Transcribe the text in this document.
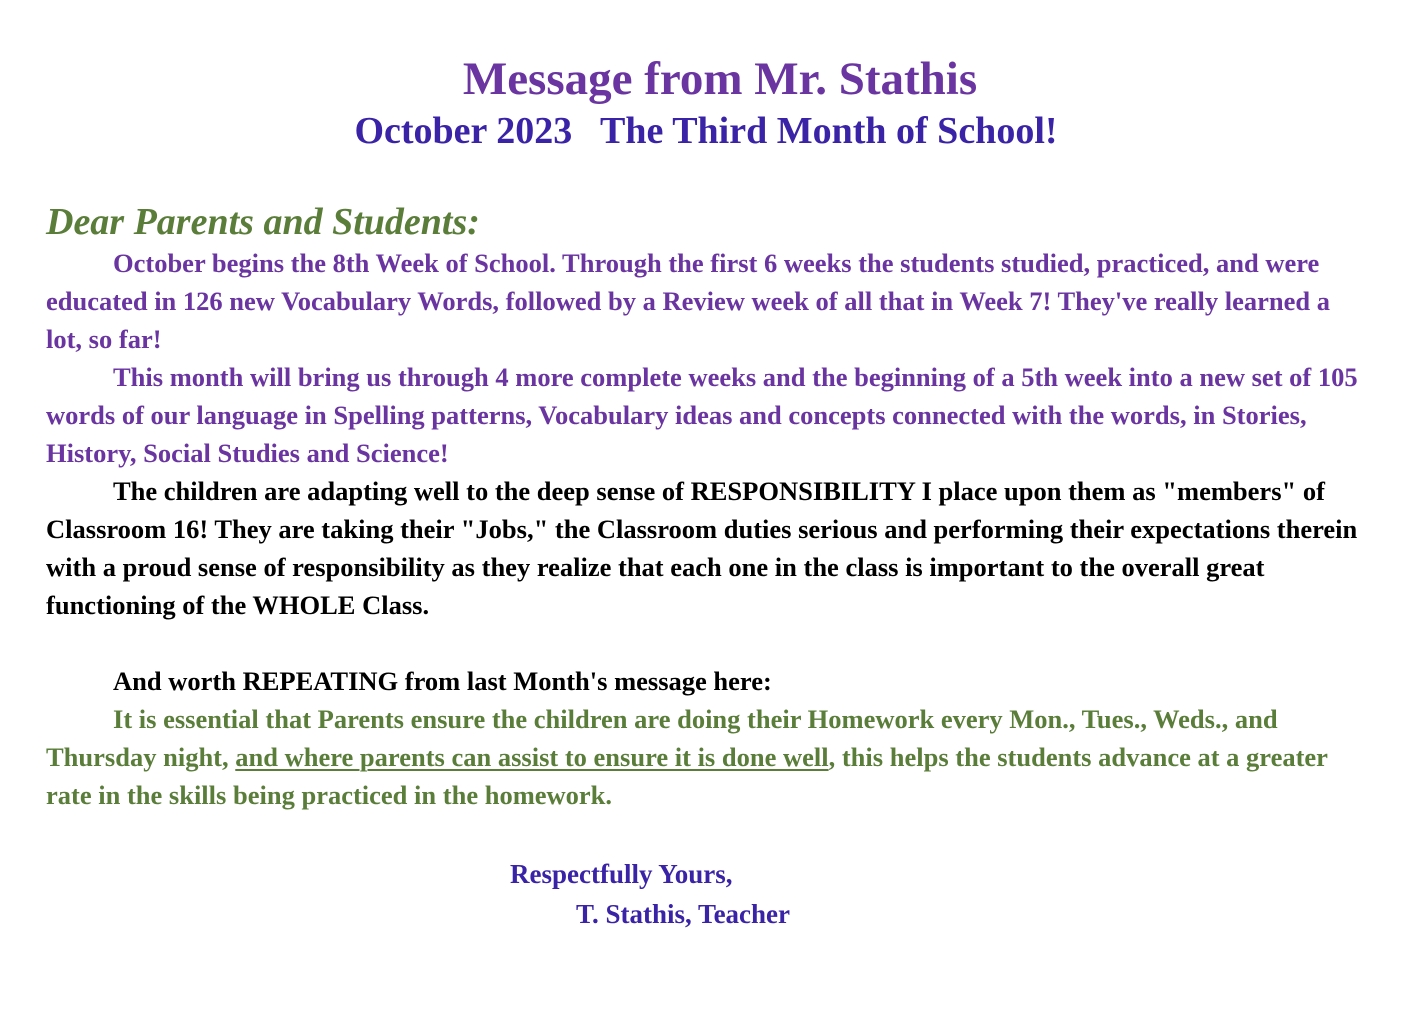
Message from Mr. Stathis
October 2023   The Third Month of School!
Dear Parents and Students:

October begins the 8th Week of School. Through the first 6 weeks the students studied, practiced, and were educated in 126 new Vocabulary Words, followed by a Review week of all that in Week 7! They've really learned a lot, so far!

This month will bring us through 4 more complete weeks and the beginning of a 5th week into a new set of 105 words of our language in Spelling patterns, Vocabulary ideas and concepts connected with the words, in Stories, History, Social Studies and Science!

The children are adapting well to the deep sense of RESPONSIBILITY I place upon them as "members" of Classroom 16! They are taking their "Jobs," the Classroom duties serious and performing their expectations therein with a proud sense of responsibility as they realize that each one in the class is important to the overall great functioning of the WHOLE Class.

And worth REPEATING from last Month's message here:

It is essential that Parents ensure the children are doing their Homework every Mon., Tues., Weds., and Thursday night, and where parents can assist to ensure it is done well, this helps the students advance at a greater rate in the skills being practiced in the homework.

Respectfully Yours,
T. Stathis, Teacher
